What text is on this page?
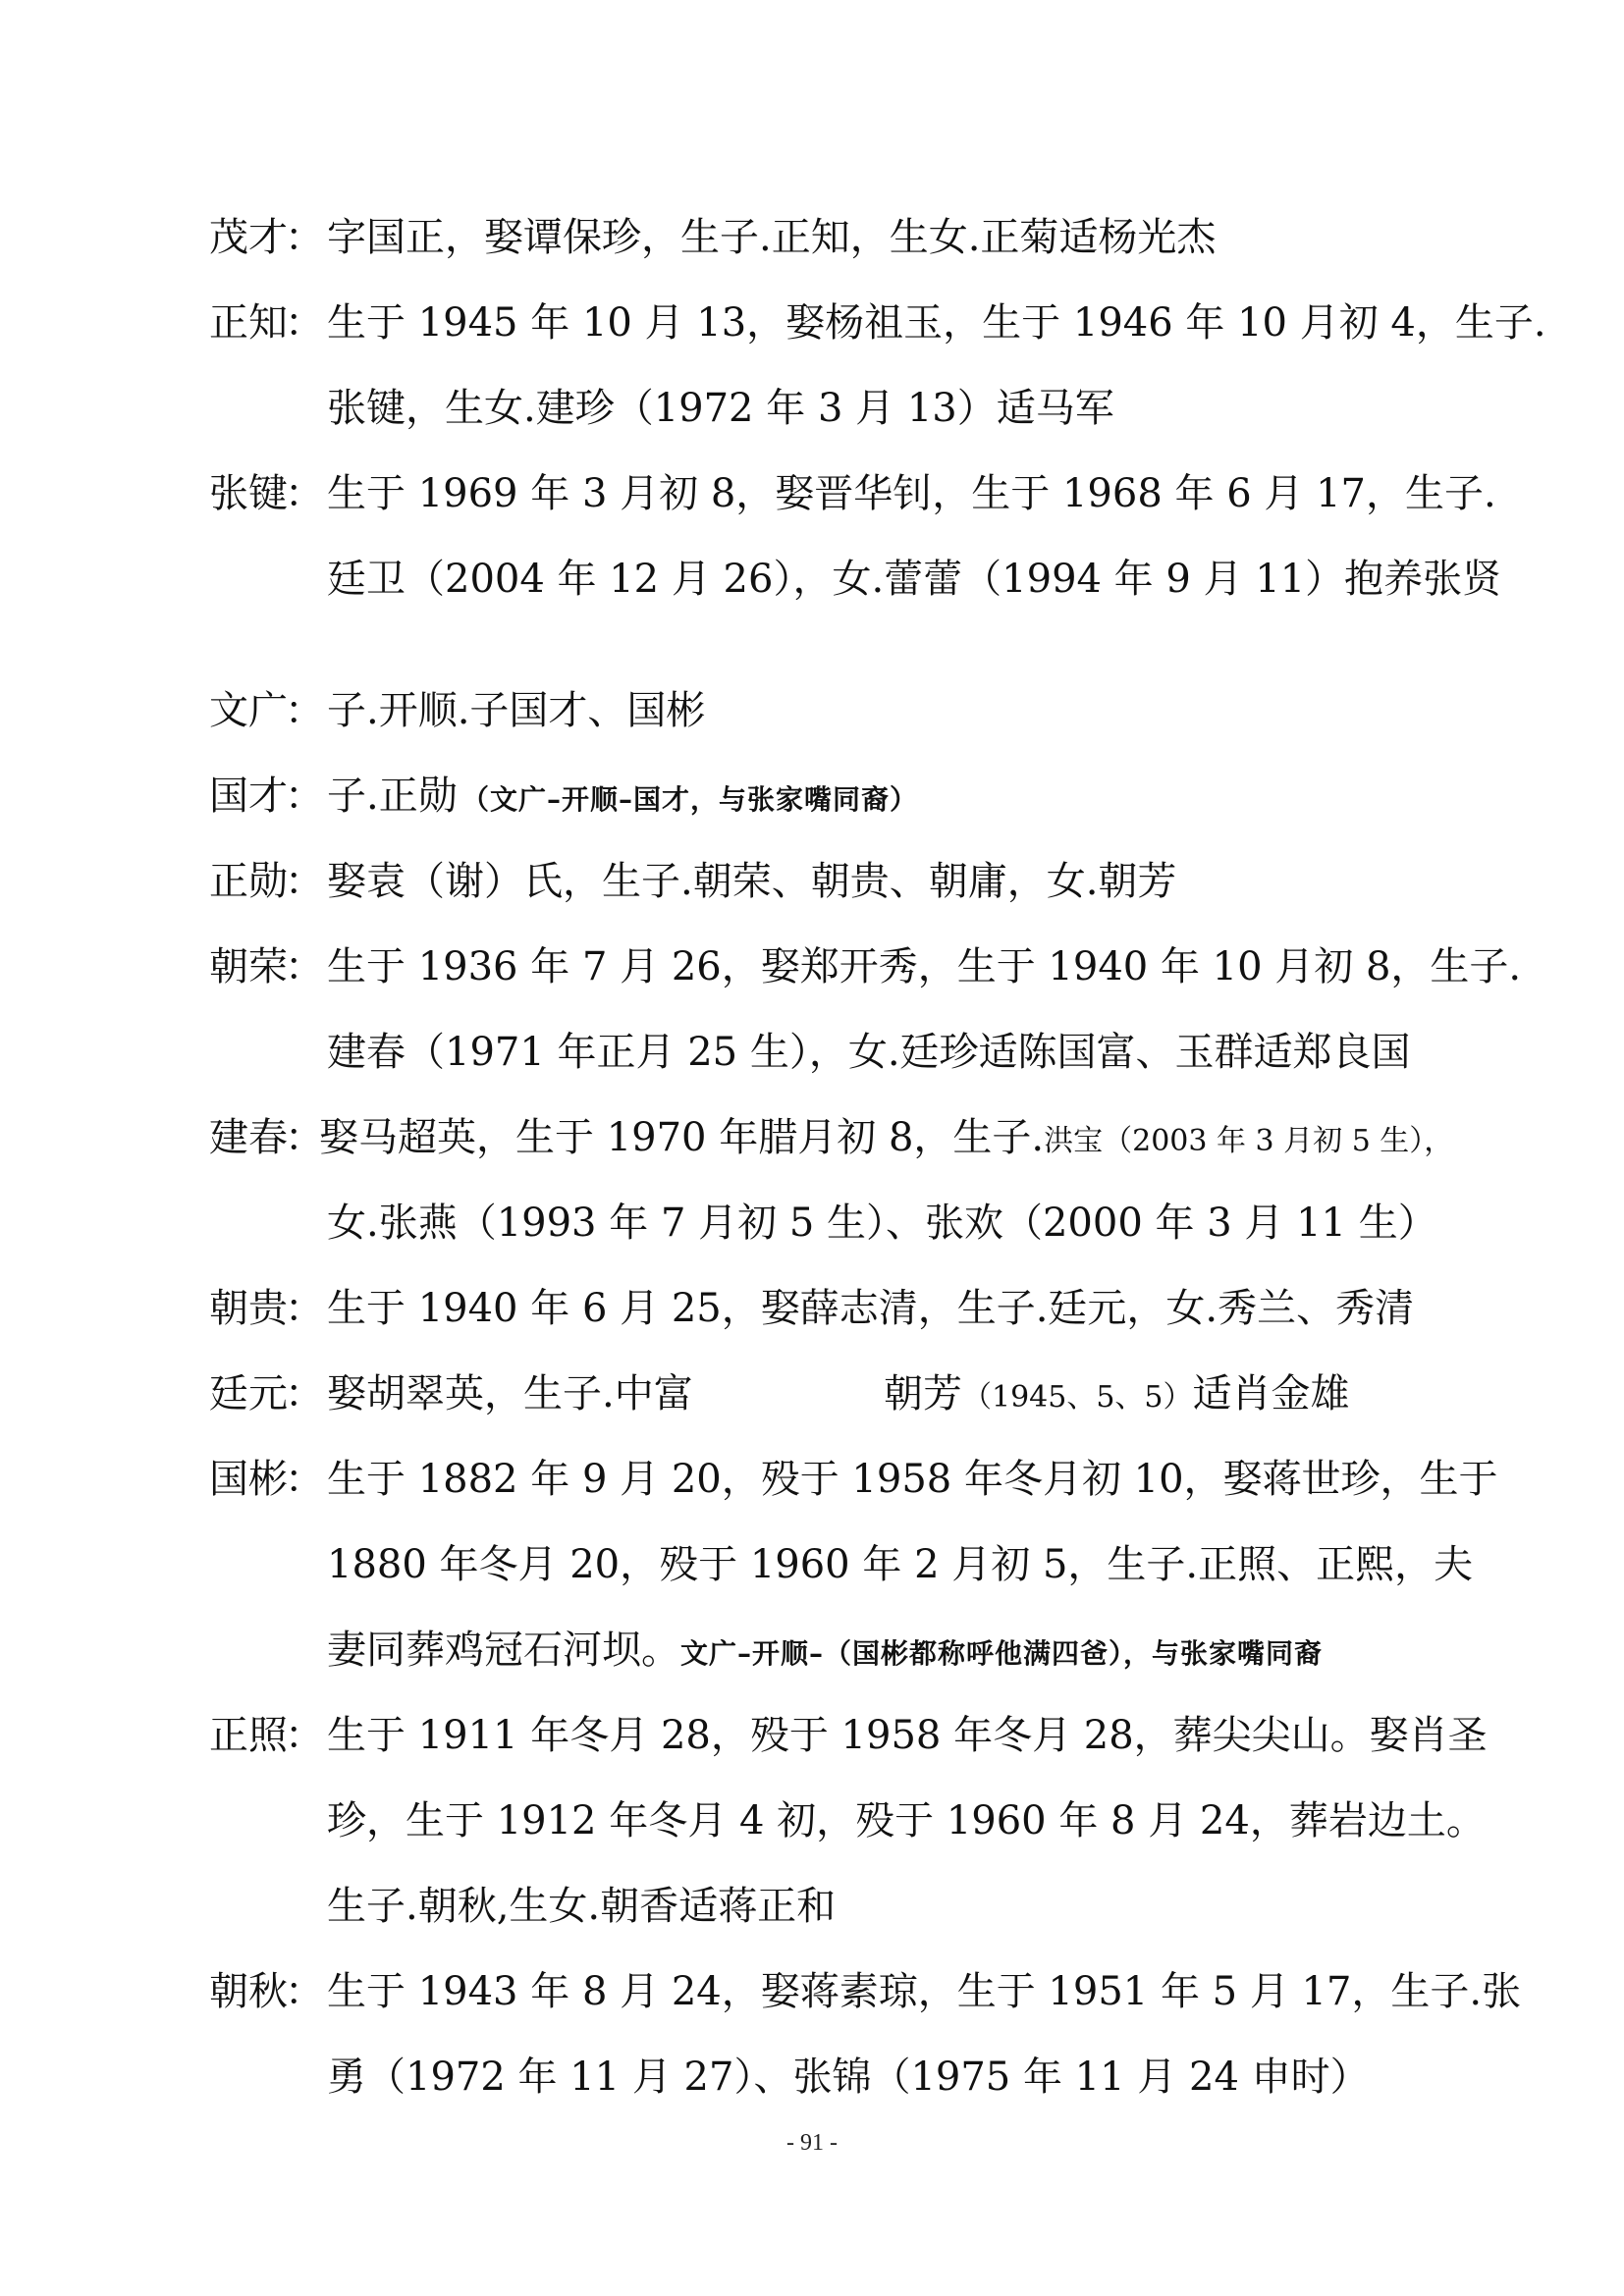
茂才
： 字国正，娶谭保珍，生子.正知，生女.正菊适杨光杰
正知
： 生于 1945 年 10 月 13，娶杨祖玉，生于 1946 年 10 月初 4，生子.
张键，生女.建珍（1972 年 3 月 13）适马军
张键
： 生于 1969 年 3 月初 8，娶晋华钊，生于 1968 年 6 月 17，生子.
廷卫（2004 年 12 月 26），女.蕾蕾（1994 年 9 月 11）抱养张贤
文广
： 子.开顺.子国才、国彬
国才
： 子.正勋 （文广–开顺–国才，与张家嘴同裔）
正勋
： 娶袁（谢）氏，生子.朝荣、朝贵、朝庸，女.朝芳
朝荣
： 生于 1936 年 7 月 26，娶郑开秀，生于 1940 年 10 月初 8，生子.
建春（1971 年正月 25 生），女.廷珍适陈国富、玉群适郑良国
建春
：
娶马超英，生于 1970 年腊月初 8，生子.洪宝（2003 年 3 月初 5 生），
女.张燕（1993 年 7 月初 5 生）、张欢（2000 年 3 月 11 生）
朝贵
： 生于 1940 年 6 月 25，娶薛志清，生子.廷元，女.秀兰、秀清
廷元
： 娶胡翠英，生子.中富	朝芳（1945、5、5）适肖金雄
国彬
： 生于 1882 年 9 月 20，殁于 1958 年冬月初 10，娶蒋世珍，生于
1880 年冬月 20，殁于 1960 年 2 月初 5，生子.正照、正熙，夫
妻同葬鸡冠石河坝。文广–开顺–（国彬都称呼他满四爸），与张家嘴同裔
正照
： 生于 1911 年冬月 28，殁于 1958 年冬月 28，葬尖尖山。娶肖圣
珍，生于 1912 年冬月 4 初，殁于 1960 年 8 月 24，葬岩边土。
生子.朝秋,生女.朝香适蒋正和
朝秋
： 生于 1943 年 8 月 24，娶蒋素琼，生于 1951 年 5 月 17，生子.张
勇（1972 年 11 月 27）、张锦（1975 年 11 月 24 申时）
- 91 -
